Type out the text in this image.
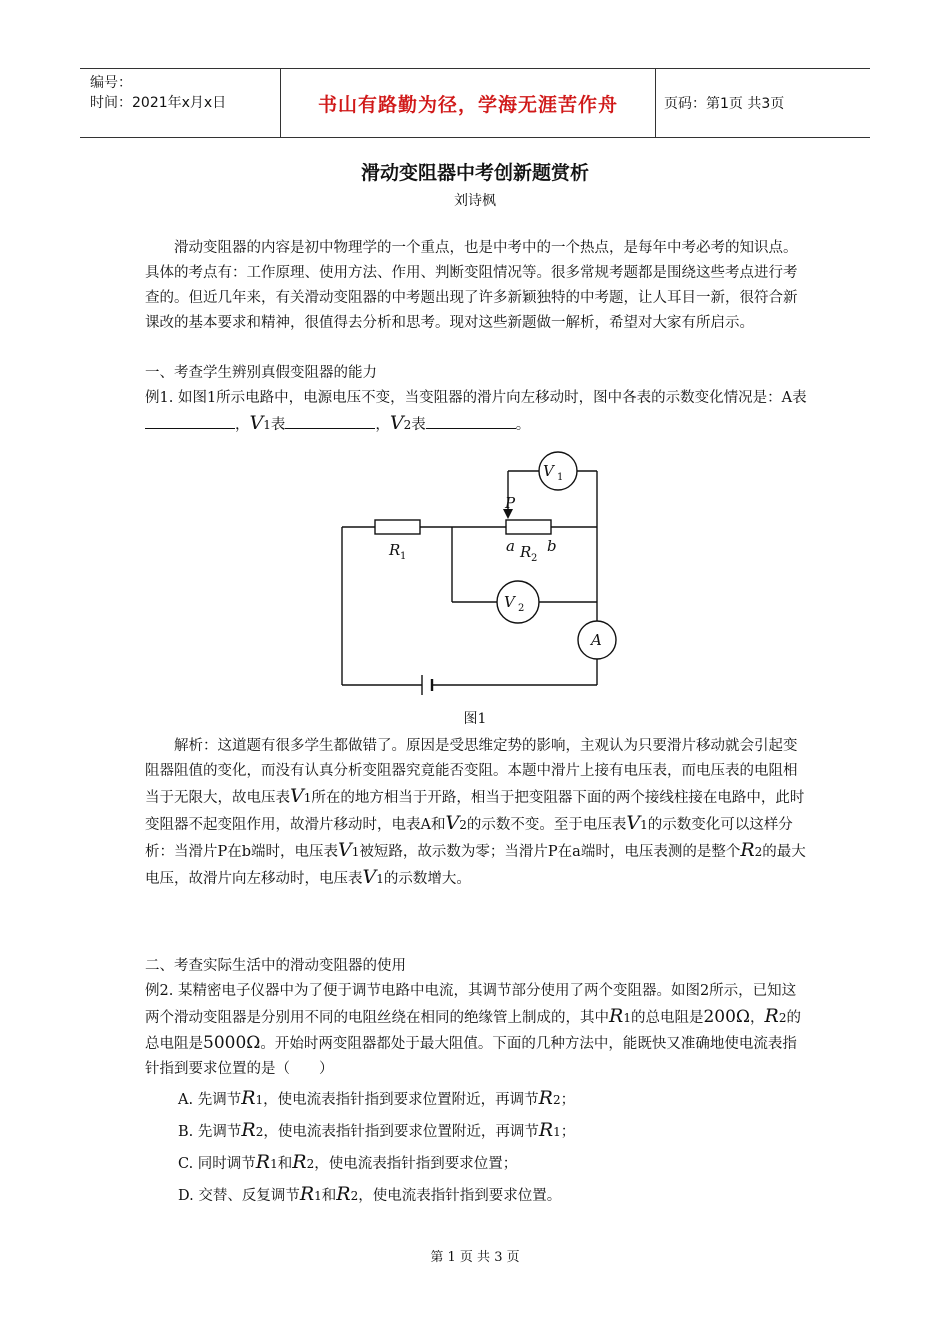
编号：
时间：2021年x月x日	书山有路勤为径，学海无涯苦作舟	页码：第1页 共3页
滑动变阻器中考创新题赏析
刘诗枫
滑动变阻器的内容是初中物理学的一个重点，也是中考中的一个热点，是每年中考必考的知识点。具体的考点有：工作原理、使用方法、作用、判断变阻情况等。很多常规考题都是围绕这些考点进行考查的。但近几年来，有关滑动变阻器的中考题出现了许多新颖独特的中考题，让人耳目一新，很符合新课改的基本要求和精神，很值得去分析和思考。现对这些新题做一解析，希望对大家有所启示。
一、考查学生辨别真假变阻器的能力
例1. 如图1所示电路中，电源电压不变，当变阻器的滑片向左移动时，图中各表的示数变化情况是：A表，V1表	，V2表	。
V 1
V 2
A
R 1	R 2
a b
P
图1
解析：这道题有很多学生都做错了。原因是受思维定势的影响，主观认为只要滑片移动就会引起变阻器阻值的变化，而没有认真分析变阻器究竟能否变阻。本题中滑片上接有电压表，而电压表的电阻相当于无限大，故电压表V1所在的地方相当于开路，相当于把变阻器下面的两个接线柱接在电路中，此时变阻器不起变阻作用，故滑片移动时，电表A和V2的示数不变。至于电压表V1的示数变化可以这样分析：当滑片P在b端时，电压表V1被短路，故示数为零；当滑片P在a端时，电压表测的是整个R2的最大电压，故滑片向左移动时，电压表V1的示数增大。
二、考查实际生活中的滑动变阻器的使用
例2. 某精密电子仪器中为了便于调节电路中电流，其调节部分使用了两个变阻器。如图2所示，已知这两个滑动变阻器是分别用不同的电阻丝绕在相同的绝缘管上制成的，其中R1的总电阻是200Ω，R2的总电阻是5000Ω。开始时两变阻器都处于最大阻值。下面的几种方法中，能既快又准确地使电流表指针指到要求位置的是（　　）
A. 先调节R1，使电流表指针指到要求位置附近，再调节R2；
B. 先调节R2，使电流表指针指到要求位置附近，再调节R1；
C. 同时调节R1和R2，使电流表指针指到要求位置；
D. 交替、反复调节R1和R2，使电流表指针指到要求位置。
第 1 页 共 3 页
